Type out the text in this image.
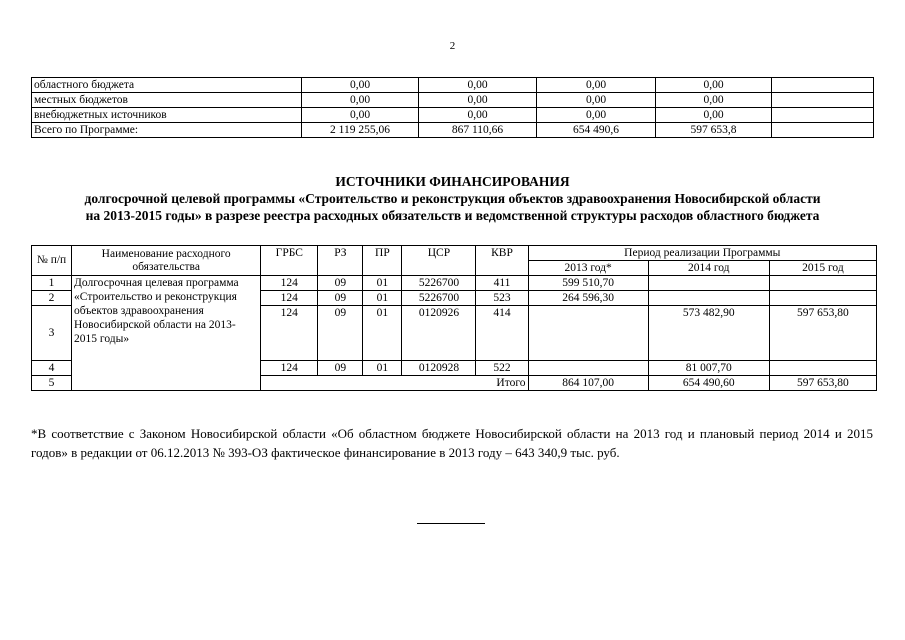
2
областного бюджета	0,00	0,00	0,00	0,00	
местных бюджетов	0,00	0,00	0,00	0,00	
внебюджетных источников	0,00	0,00	0,00	0,00	
Всего по Программе:	2 119 255,06	867 110,66	654 490,6	597 653,8	
ИСТОЧНИКИ ФИНАНСИРОВАНИЯ
долгосрочной целевой программы «Строительство и реконструкция объектов здравоохранения Новосибирской области
на 2013-2015 годы» в разрезе реестра расходных обязательств и ведомственной структуры расходов областного бюджета
№ п/п	Наименование расходного обязательства	ГРБС	РЗ	ПР	ЦСР	КВР	Период реализации Программы		
							2013 год*	2014 год	2015 год
1	Долгосрочная целевая программа «Строительство и реконструкция объектов здравоохранения Новосибирской области на 2013-2015 годы»	124	09	01	5226700	411	599 510,70		
2		124	09	01	5226700	523	264 596,30		
3		124	09	01	0120926	414		573 482,90	597 653,80
4		124	09	01	0120928	522		81 007,70	
5		Итого					864 107,00	654 490,60	597 653,80
*В соответствие с Законом Новосибирской области «Об областном бюджете Новосибирской области на 2013 год и плановый период 2014 и 2015 годов» в редакции от 06.12.2013 № 393-ОЗ фактическое финансирование в 2013 году – 643 340,9 тыс. руб.
